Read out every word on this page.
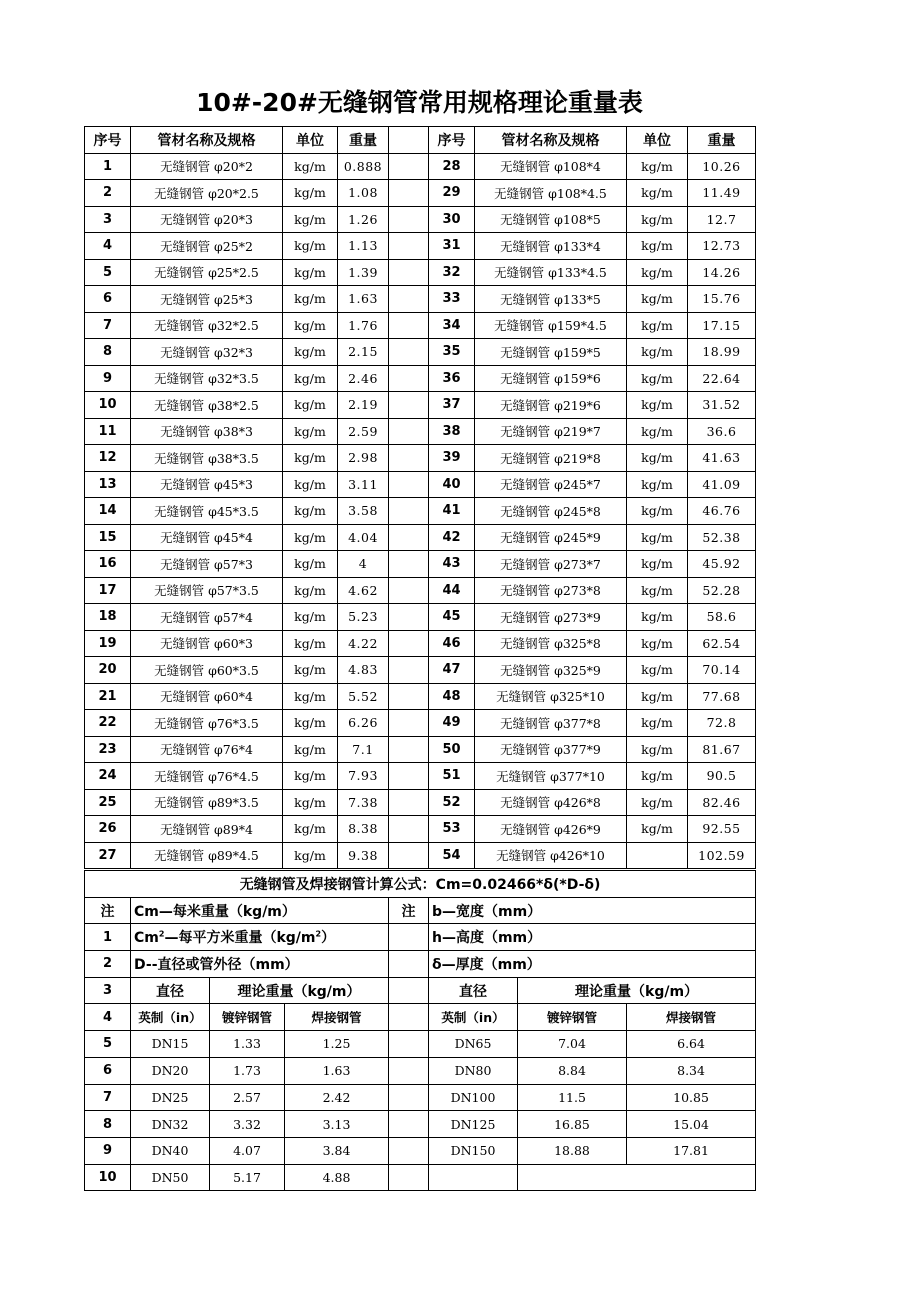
10#-20#无缝钢管常用规格理论重量表
序号	管材名称及规格	单位	重量		序号	管材名称及规格	单位	重量
1	无缝钢管 φ20*2	kg/m	0.888		28	无缝钢管 φ108*4	kg/m	10.26
2	无缝钢管 φ20*2.5	kg/m	1.08		29	无缝钢管 φ108*4.5	kg/m	11.49
3	无缝钢管 φ20*3	kg/m	1.26		30	无缝钢管 φ108*5	kg/m	12.7
4	无缝钢管 φ25*2	kg/m	1.13		31	无缝钢管 φ133*4	kg/m	12.73
5	无缝钢管 φ25*2.5	kg/m	1.39		32	无缝钢管 φ133*4.5	kg/m	14.26
6	无缝钢管 φ25*3	kg/m	1.63		33	无缝钢管 φ133*5	kg/m	15.76
7	无缝钢管 φ32*2.5	kg/m	1.76		34	无缝钢管 φ159*4.5	kg/m	17.15
8	无缝钢管 φ32*3	kg/m	2.15		35	无缝钢管 φ159*5	kg/m	18.99
9	无缝钢管 φ32*3.5	kg/m	2.46		36	无缝钢管 φ159*6	kg/m	22.64
10	无缝钢管 φ38*2.5	kg/m	2.19		37	无缝钢管 φ219*6	kg/m	31.52
11	无缝钢管 φ38*3	kg/m	2.59		38	无缝钢管 φ219*7	kg/m	36.6
12	无缝钢管 φ38*3.5	kg/m	2.98		39	无缝钢管 φ219*8	kg/m	41.63
13	无缝钢管 φ45*3	kg/m	3.11		40	无缝钢管 φ245*7	kg/m	41.09
14	无缝钢管 φ45*3.5	kg/m	3.58		41	无缝钢管 φ245*8	kg/m	46.76
15	无缝钢管 φ45*4	kg/m	4.04		42	无缝钢管 φ245*9	kg/m	52.38
16	无缝钢管 φ57*3	kg/m	4		43	无缝钢管 φ273*7	kg/m	45.92
17	无缝钢管 φ57*3.5	kg/m	4.62		44	无缝钢管 φ273*8	kg/m	52.28
18	无缝钢管 φ57*4	kg/m	5.23		45	无缝钢管 φ273*9	kg/m	58.6
19	无缝钢管 φ60*3	kg/m	4.22		46	无缝钢管 φ325*8	kg/m	62.54
20	无缝钢管 φ60*3.5	kg/m	4.83		47	无缝钢管 φ325*9	kg/m	70.14
21	无缝钢管 φ60*4	kg/m	5.52		48	无缝钢管 φ325*10	kg/m	77.68
22	无缝钢管 φ76*3.5	kg/m	6.26		49	无缝钢管 φ377*8	kg/m	72.8
23	无缝钢管 φ76*4	kg/m	7.1		50	无缝钢管 φ377*9	kg/m	81.67
24	无缝钢管 φ76*4.5	kg/m	7.93		51	无缝钢管 φ377*10	kg/m	90.5
25	无缝钢管 φ89*3.5	kg/m	7.38		52	无缝钢管 φ426*8	kg/m	82.46
26	无缝钢管 φ89*4	kg/m	8.38		53	无缝钢管 φ426*9	kg/m	92.55
27	无缝钢管 φ89*4.5	kg/m	9.38		54	无缝钢管 φ426*10		102.59
无缝钢管及焊接钢管计算公式：Cm=0.02466*δ(*D-δ)							
注	Cm—每米重量（kg/m）			注	b—宽度（mm）		
1	Cm$^2$—每平方米重量$(kg/m^2)$				h—高度（mm）		
2	D--直径或管外径（mm）				δ—厚度（mm）		
3	直径	理论重量（kg/m）			直径	理论重量（kg/m）	
4	英制（in）	镀锌钢管	焊接钢管		英制（in）	镀锌钢管	焊接钢管
5	DN15	1.33	1.25		DN65	7.04	6.64
6	DN20	1.73	1.63		DN80	8.84	8.34
7	DN25	2.57	2.42		DN100	11.5	10.85
8	DN32	3.32	3.13		DN125	16.85	15.04
9	DN40	4.07	3.84		DN150	18.88	17.81
10	DN50	5.17	4.88				
